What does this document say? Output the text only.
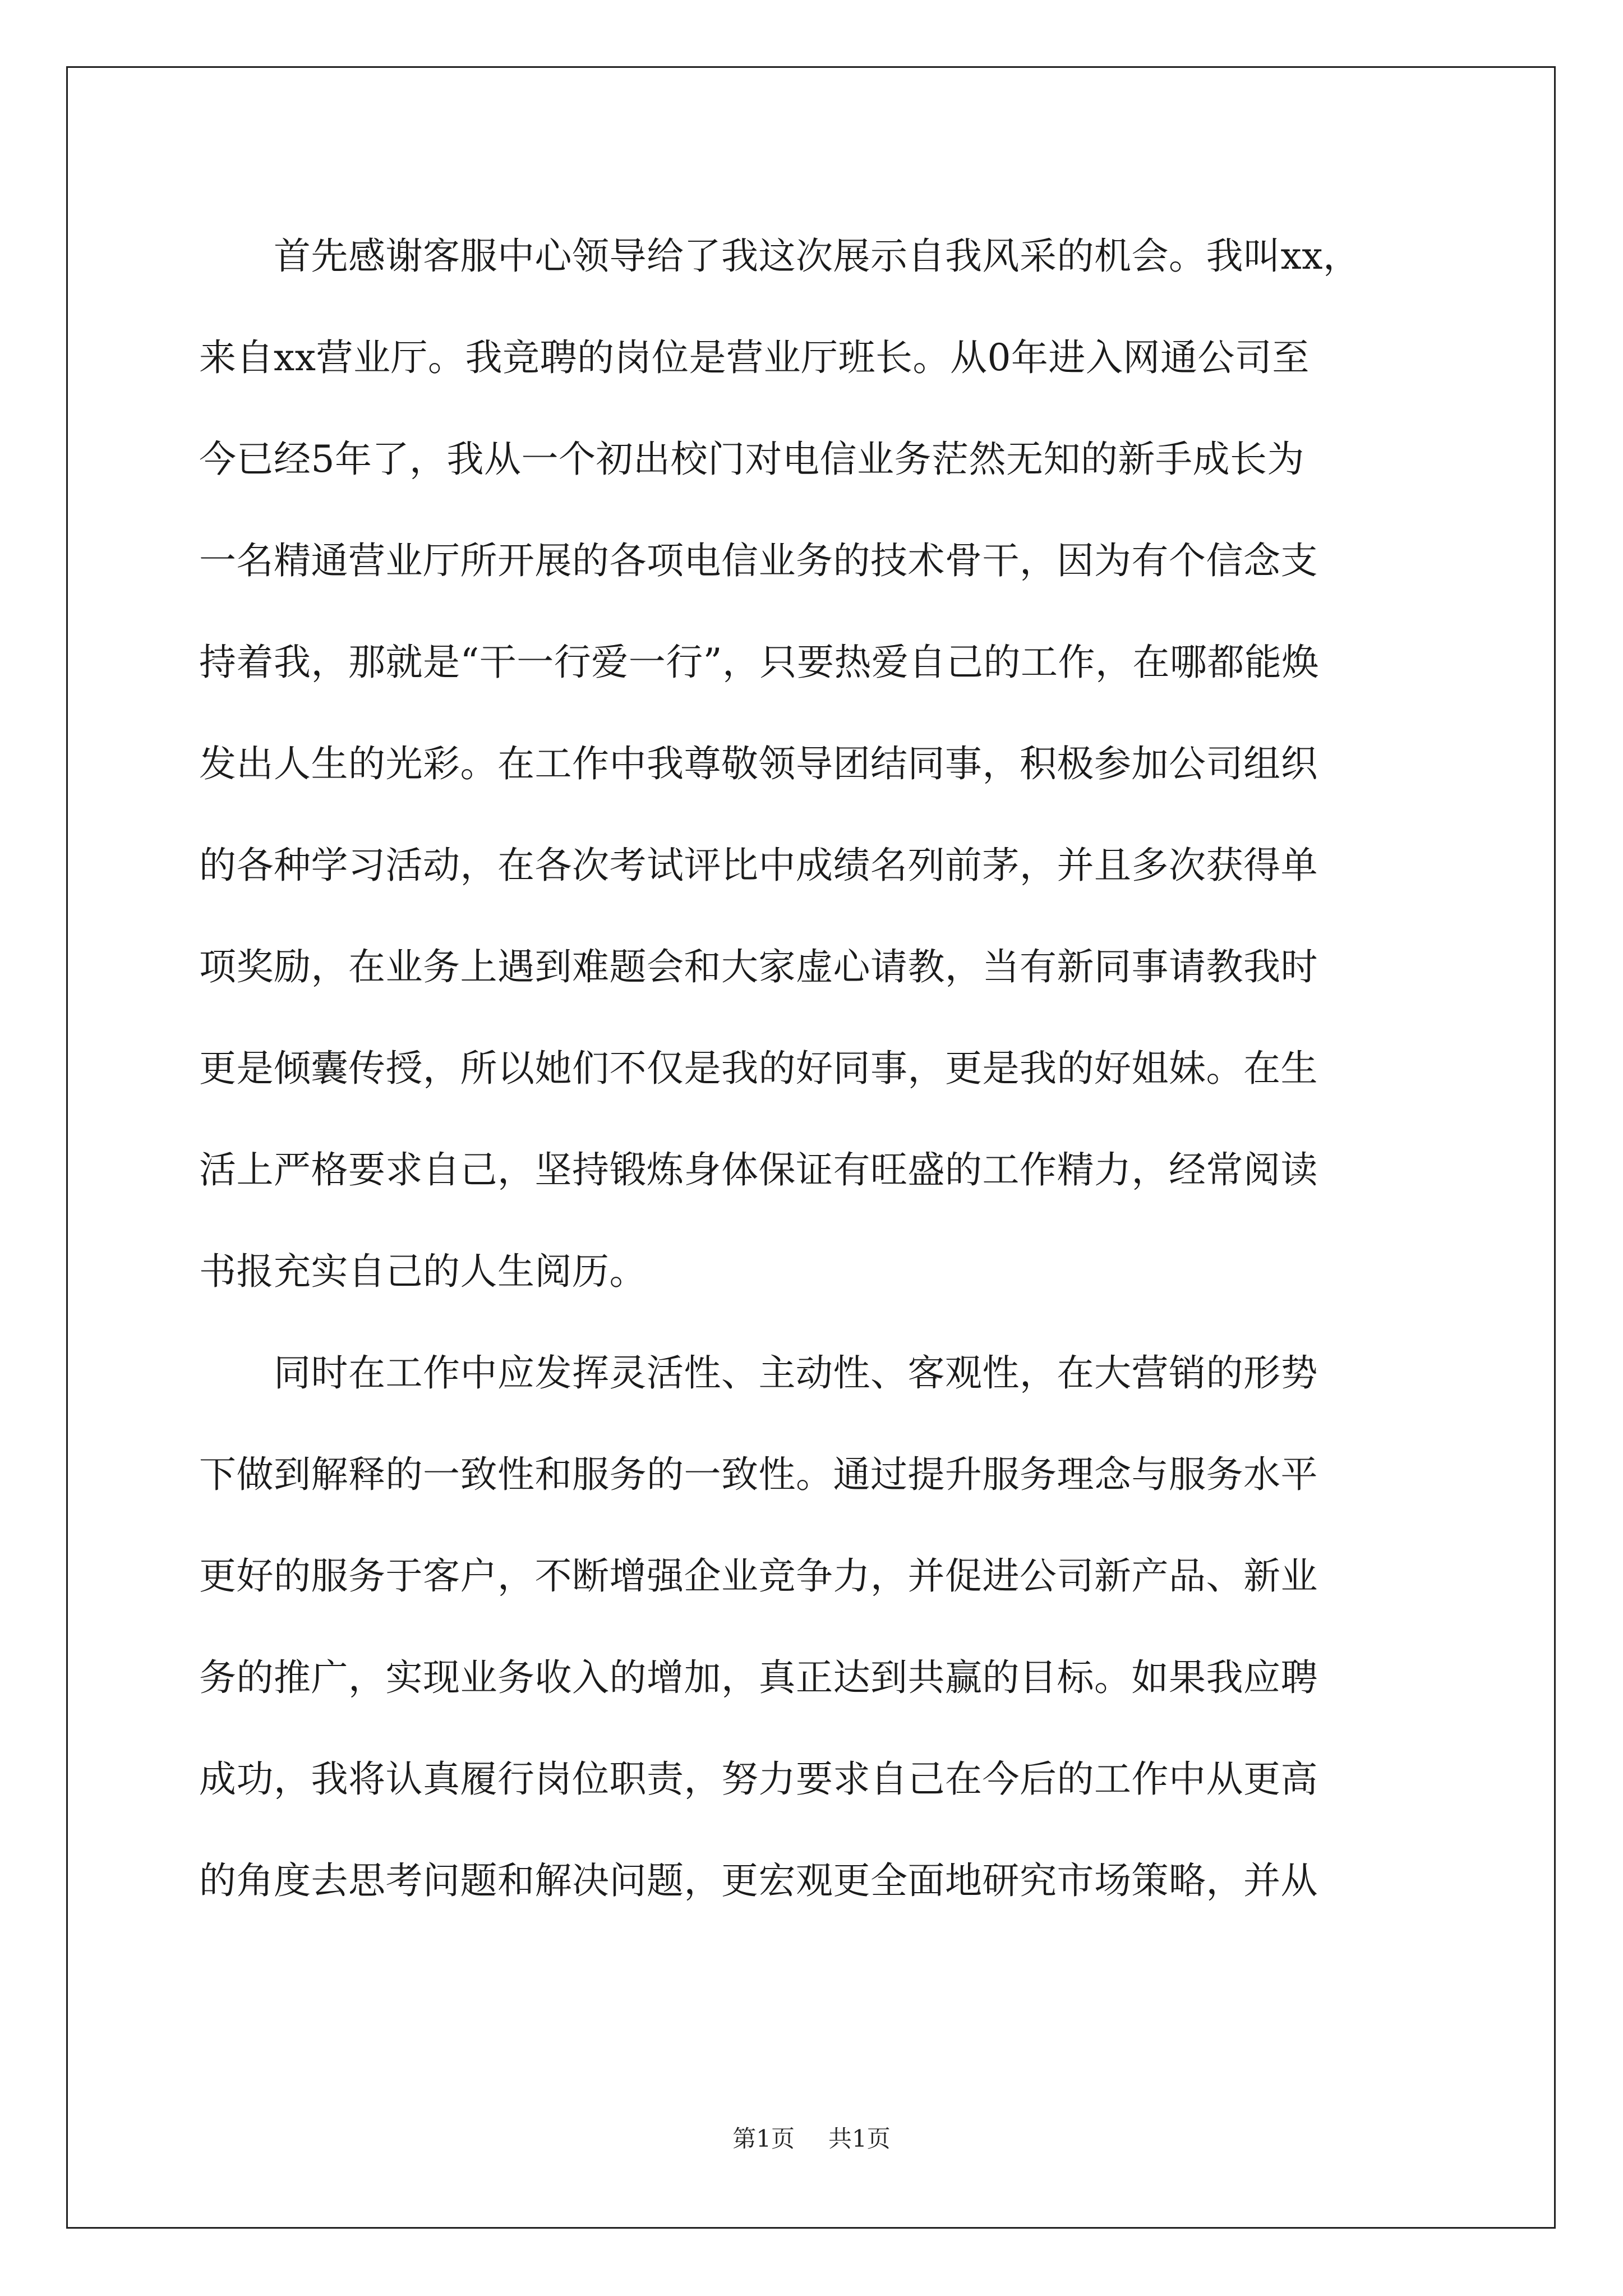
　　首先感谢客服中心领导给了我这次展示自我风采的机会。我叫xx，
来自xx营业厅。我竞聘的岗位是营业厅班长。从0年进入网通公司至
今已经5年了，我从一个初出校门对电信业务茫然无知的新手成长为
一名精通营业厅所开展的各项电信业务的技术骨干，因为有个信念支
持着我，那就是“干一行爱一行”，只要热爱自己的工作，在哪都能焕
发出人生的光彩。在工作中我尊敬领导团结同事，积极参加公司组织
的各种学习活动，在各次考试评比中成绩名列前茅，并且多次获得单
项奖励，在业务上遇到难题会和大家虚心请教，当有新同事请教我时
更是倾囊传授，所以她们不仅是我的好同事，更是我的好姐妹。在生
活上严格要求自己，坚持锻炼身体保证有旺盛的工作精力，经常阅读
书报充实自己的人生阅历。
　　同时在工作中应发挥灵活性、主动性、客观性，在大营销的形势
下做到解释的一致性和服务的一致性。通过提升服务理念与服务水平
更好的服务于客户，不断增强企业竞争力，并促进公司新产品、新业
务的推广，实现业务收入的增加，真正达到共赢的目标。如果我应聘
成功，我将认真履行岗位职责，努力要求自己在今后的工作中从更高
的角度去思考问题和解决问题，更宏观更全面地研究市场策略，并从
第1页 共1页
